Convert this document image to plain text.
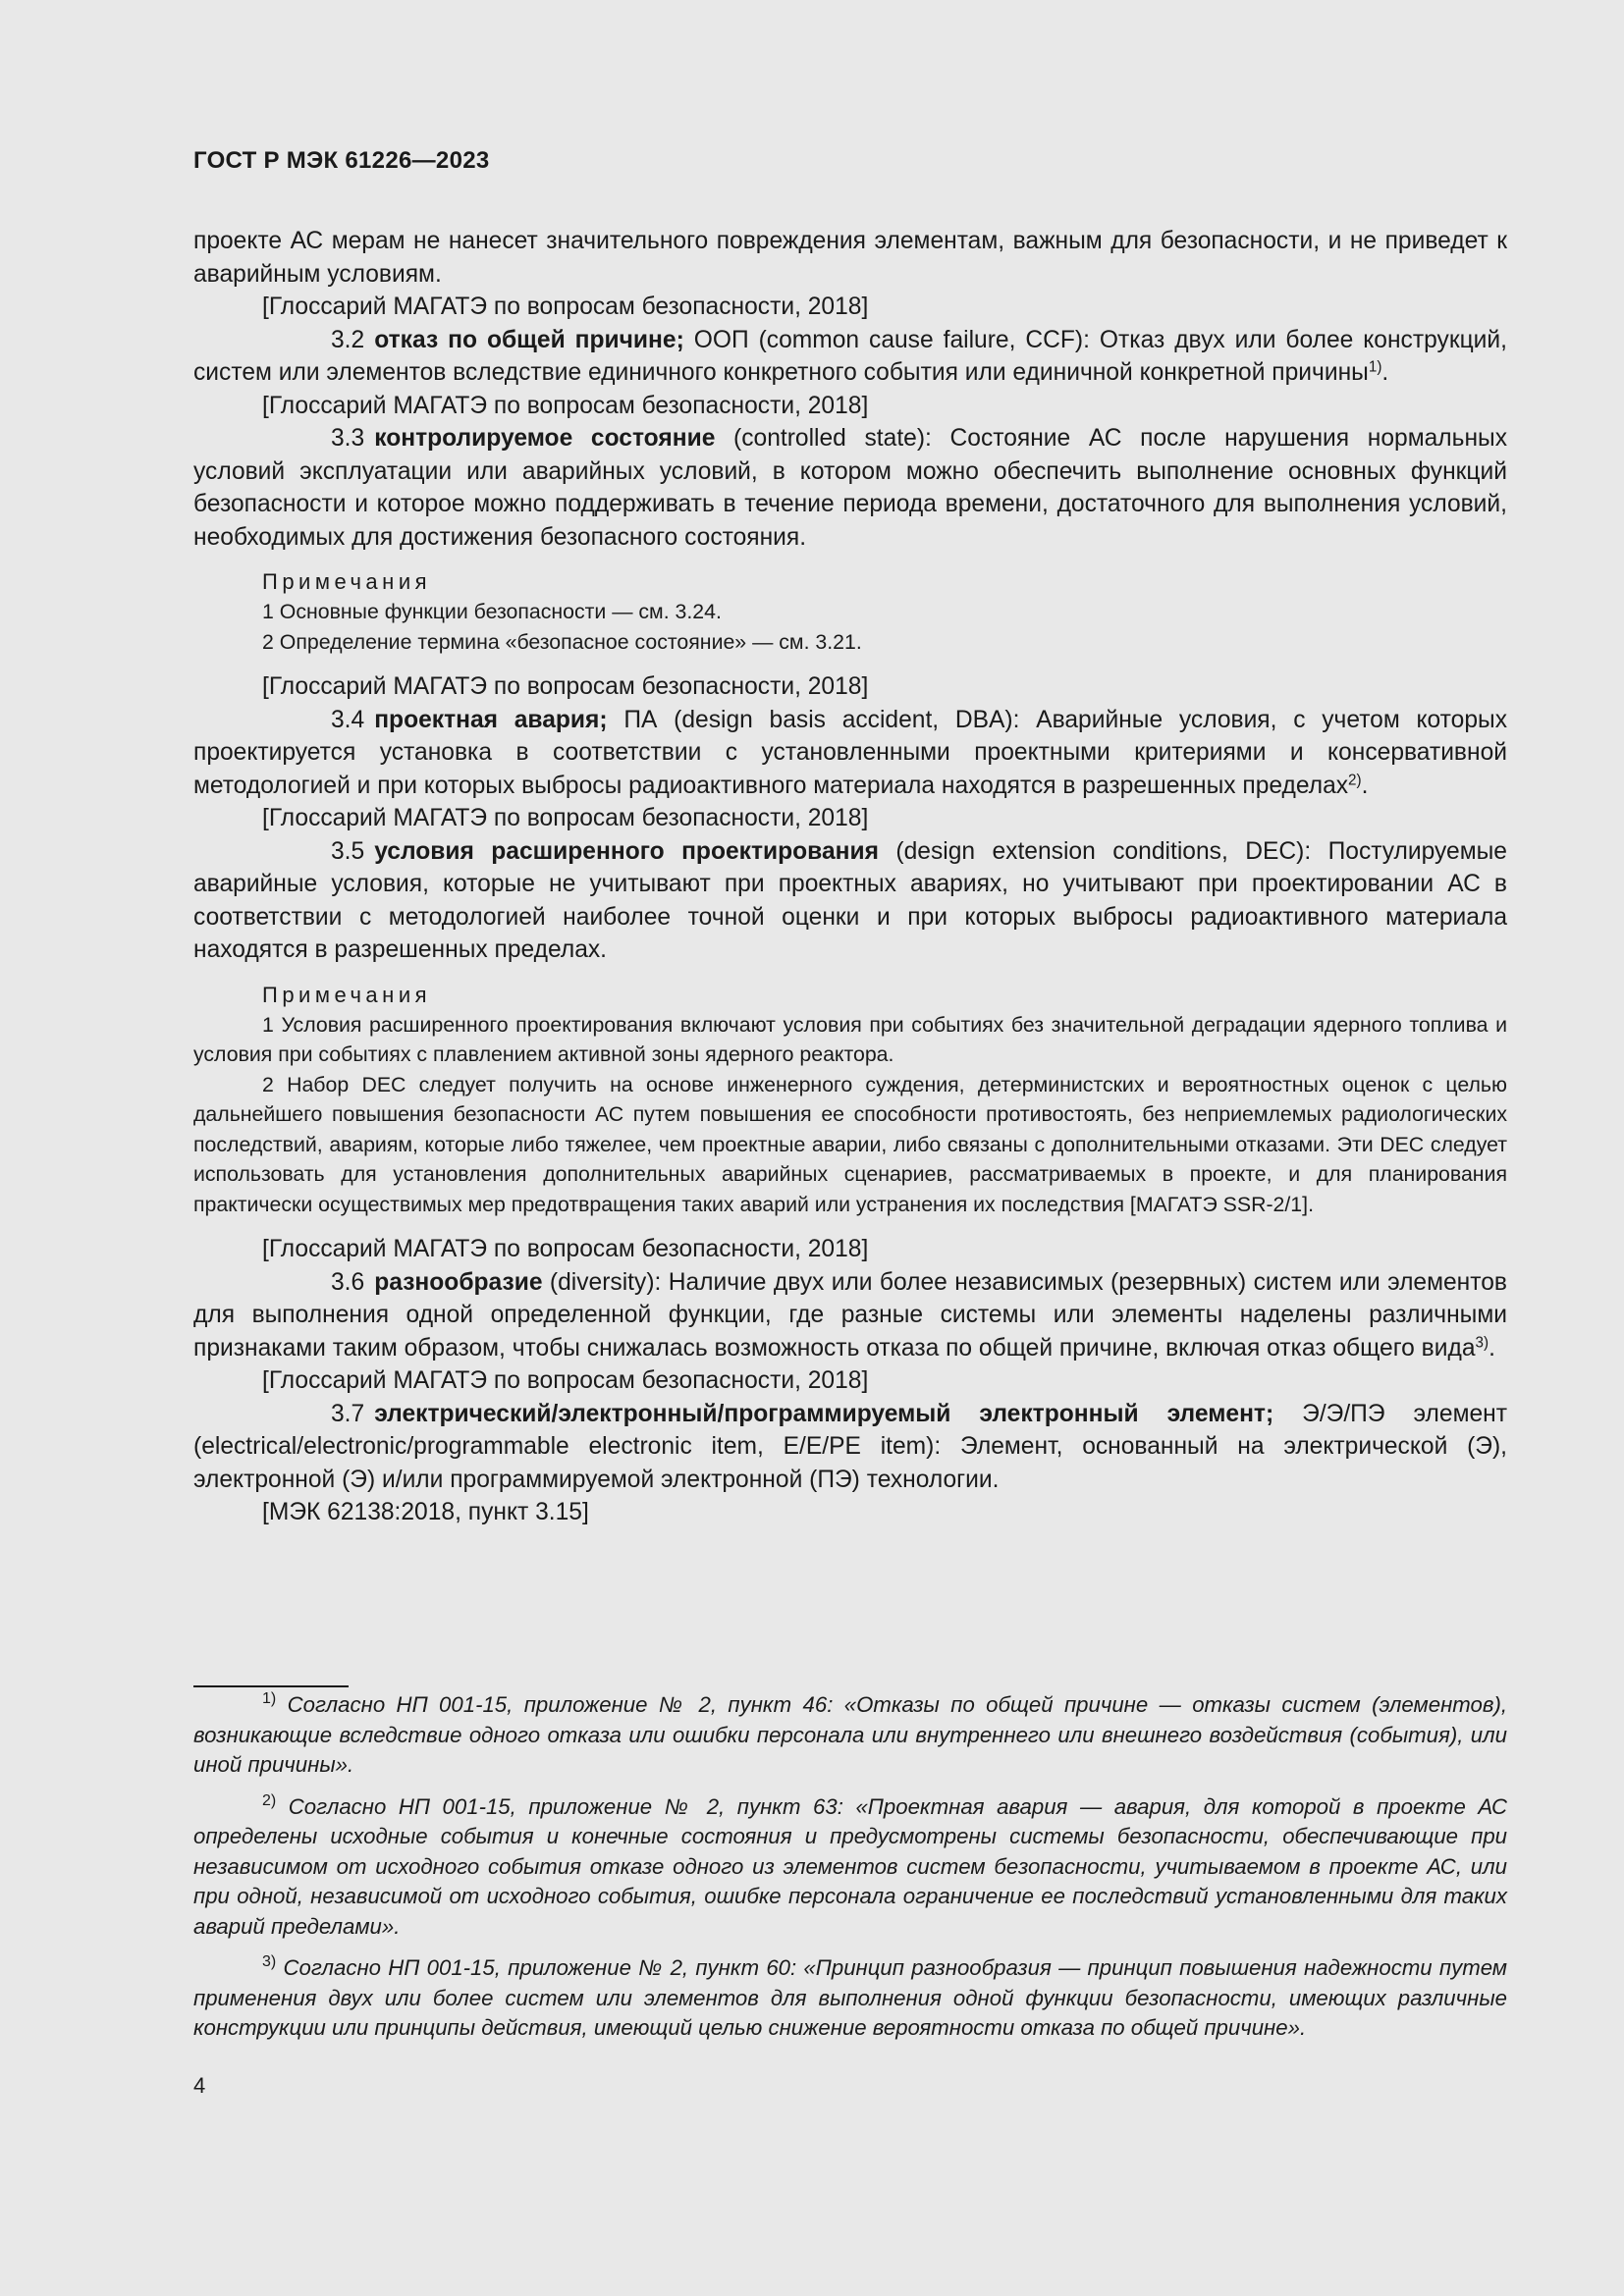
ГОСТ Р МЭК 61226—2023

проекте АС мерам не нанесет значительного повреждения элементам, важным для безопасности, и не приведет к аварийным условиям.

[Глоссарий МАГАТЭ по вопросам безопасности, 2018]

3.2 отказ по общей причине; ООП (common cause failure, CCF): Отказ двух или более конструкций, систем или элементов вследствие единичного конкретного события или единичной конкретной причины$^{1)}$.

[Глоссарий МАГАТЭ по вопросам безопасности, 2018]

3.3 контролируемое состояние (controlled state): Состояние АС после нарушения нормальных условий эксплуатации или аварийных условий, в котором можно обеспечить выполнение основных функций безопасности и которое можно поддерживать в течение периода времени, достаточного для выполнения условий, необходимых для достижения безопасного состояния.

Примечания

1 Основные функции безопасности — см. 3.24.

2 Определение термина «безопасное состояние» — см. 3.21.

[Глоссарий МАГАТЭ по вопросам безопасности, 2018]

3.4 проектная авария; ПА (design basis accident, DBA): Аварийные условия, с учетом которых проектируется установка в соответствии с установленными проектными критериями и консервативной методологией и при которых выбросы радиоактивного материала находятся в разрешенных пределах$^{2)}$.

[Глоссарий МАГАТЭ по вопросам безопасности, 2018]

3.5 условия расширенного проектирования (design extension conditions, DEC): Постулируемые аварийные условия, которые не учитывают при проектных авариях, но учитывают при проектировании АС в соответствии с методологией наиболее точной оценки и при которых выбросы радиоактивного материала находятся в разрешенных пределах.

Примечания

1 Условия расширенного проектирования включают условия при событиях без значительной деградации ядерного топлива и условия при событиях с плавлением активной зоны ядерного реактора.

2 Набор DEC следует получить на основе инженерного суждения, детерминистских и вероятностных оценок с целью дальнейшего повышения безопасности АС путем повышения ее способности противостоять, без неприемлемых радиологических последствий, авариям, которые либо тяжелее, чем проектные аварии, либо связаны с дополнительными отказами. Эти DEC следует использовать для установления дополнительных аварийных сценариев, рассматриваемых в проекте, и для планирования практически осуществимых мер предотвращения таких аварий или устранения их последствия [МАГАТЭ SSR-2/1].

[Глоссарий МАГАТЭ по вопросам безопасности, 2018]

3.6 разнообразие (diversity): Наличие двух или более независимых (резервных) систем или элементов для выполнения одной определенной функции, где разные системы или элементы наделены различными признаками таким образом, чтобы снижалась возможность отказа по общей причине, включая отказ общего вида$^{3)}$.

[Глоссарий МАГАТЭ по вопросам безопасности, 2018]

3.7 электрический/электронный/программируемый электронный элемент; Э/Э/ПЭ элемент (electrical/electronic/programmable electronic item, E/E/PE item): Элемент, основанный на электрической (Э), электронной (Э) и/или программируемой электронной (ПЭ) технологии.

[МЭК 62138:2018, пункт 3.15]

$^{1)}$ Согласно НП 001-15, приложение № 2, пункт 46: «Отказы по общей причине — отказы систем (элементов), возникающие вследствие одного отказа или ошибки персонала или внутреннего или внешнего воздействия (события), или иной причины».

$^{2)}$ Согласно НП 001-15, приложение № 2, пункт 63: «Проектная авария — авария, для которой в проекте АС определены исходные события и конечные состояния и предусмотрены системы безопасности, обеспечивающие при независимом от исходного события отказе одного из элементов систем безопасности, учитываемом в проекте АС, или при одной, независимой от исходного события, ошибке персонала ограничение ее последствий установленными для таких аварий пределами».

$^{3)}$ Согласно НП 001-15, приложение № 2, пункт 60: «Принцип разнообразия — принцип повышения надежности путем применения двух или более систем или элементов для выполнения одной функции безопасности, имеющих различные конструкции или принципы действия, имеющий целью снижение вероятности отказа по общей причине».

4
